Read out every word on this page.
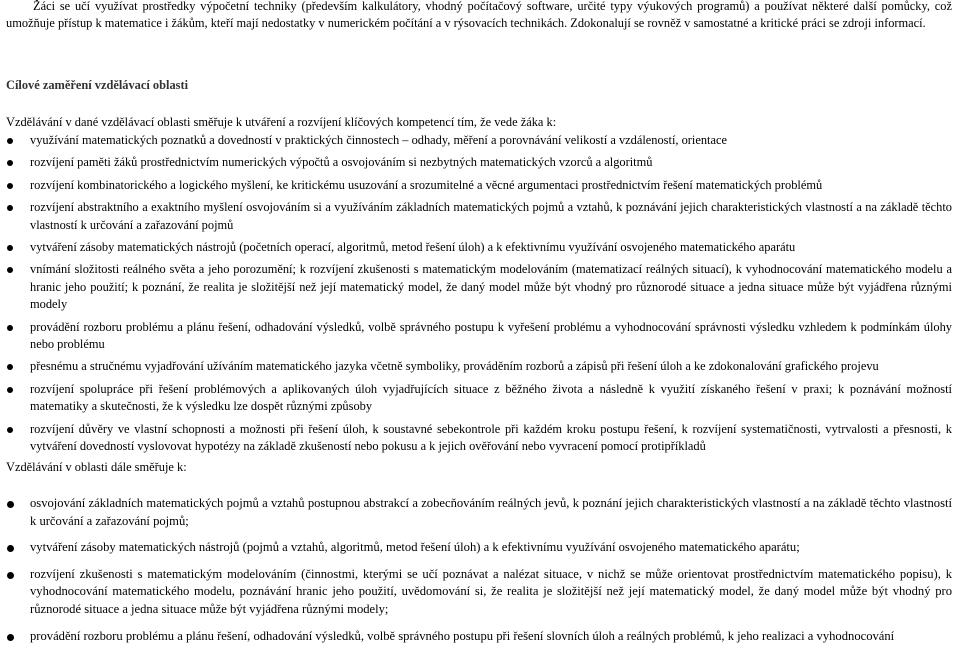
Žáci se učí využívat prostředky výpočetní techniky (především kalkulátory, vhodný počítačový software, určité typy výukových programů) a používat některé další pomůcky, což umožňuje přístup k matematice i žákům, kteří mají nedostatky v numerickém počítání a v rýsovacích technikách. Zdokonalují se rovněž v samostatné a kritické práci se zdroji informací.

Cílové zaměření vzdělávací oblasti

Vzdělávání v dané vzdělávací oblasti směřuje k utváření a rozvíjení klíčových kompetencí tím, že vede žáka k:

využívání matematických poznatků a dovedností v praktických činnostech – odhady, měření a porovnávání velikostí a vzdáleností, orientace
rozvíjení paměti žáků prostřednictvím numerických výpočtů a osvojováním si nezbytných matematických vzorců a algoritmů
rozvíjení kombinatorického a logického myšlení, ke kritickému usuzování a srozumitelné a věcné argumentaci prostřednictvím řešení matematických problémů
rozvíjení abstraktního a exaktního myšlení osvojováním si a využíváním základních matematických pojmů a vztahů, k poznávání jejich charakteristických vlastností a na základě těchto vlastností k určování a zařazování pojmů
vytváření zásoby matematických nástrojů (početních operací, algoritmů, metod řešení úloh) a k efektivnímu využívání osvojeného matematického aparátu
vnímání složitosti reálného světa a jeho porozumění; k rozvíjení zkušenosti s matematickým modelováním (matematizací reálných situací), k vyhodnocování matematického modelu a hranic jeho použití; k poznání, že realita je složitější než její matematický model, že daný model může být vhodný pro různorodé situace a jedna situace může být vyjádřena různými modely
provádění rozboru problému a plánu řešení, odhadování výsledků, volbě správného postupu k vyřešení problému a vyhodnocování správnosti výsledku vzhledem k podmínkám úlohy nebo problému
přesnému a stručnému vyjadřování užíváním matematického jazyka včetně symboliky, prováděním rozborů a zápisů při řešení úloh a ke zdokonalování grafického projevu
rozvíjení spolupráce při řešení problémových a aplikovaných úloh vyjadřujících situace z běžného života a následně k využití získaného řešení v praxi; k poznávání možností matematiky a skutečnosti, že k výsledku lze dospět různými způsoby
rozvíjení důvěry ve vlastní schopnosti a možnosti při řešení úloh, k soustavné sebekontrole při každém kroku postupu řešení, k rozvíjení systematičnosti, vytrvalosti a přesnosti, k vytváření dovedností vyslovovat hypotézy na základě zkušeností nebo pokusu a k jejich ověřování nebo vyvracení pomocí protipříkladů

Vzdělávání v oblasti dále směřuje k:

osvojování základních matematických pojmů a vztahů postupnou abstrakcí a zobecňováním reálných jevů, k poznání jejich charakteristických vlastností a na základě těchto vlastností k určování a zařazování pojmů;
vytváření zásoby matematických nástrojů (pojmů a vztahů, algoritmů, metod řešení úloh) a k efektivnímu využívání osvojeného matematického aparátu;
rozvíjení zkušenosti s matematickým modelováním (činnostmi, kterými se učí poznávat a nalézat situace, v nichž se může orientovat prostřednictvím matematického popisu), k vyhodnocování matematického modelu, poznávání hranic jeho použití, uvědomování si, že realita je složitější než její matematický model, že daný model může být vhodný pro různorodé situace a jedna situace může být vyjádřena různými modely;
provádění rozboru problému a plánu řešení, odhadování výsledků, volbě správného postupu při řešení slovních úloh a reálných problémů, k jeho realizaci a vyhodnocování
